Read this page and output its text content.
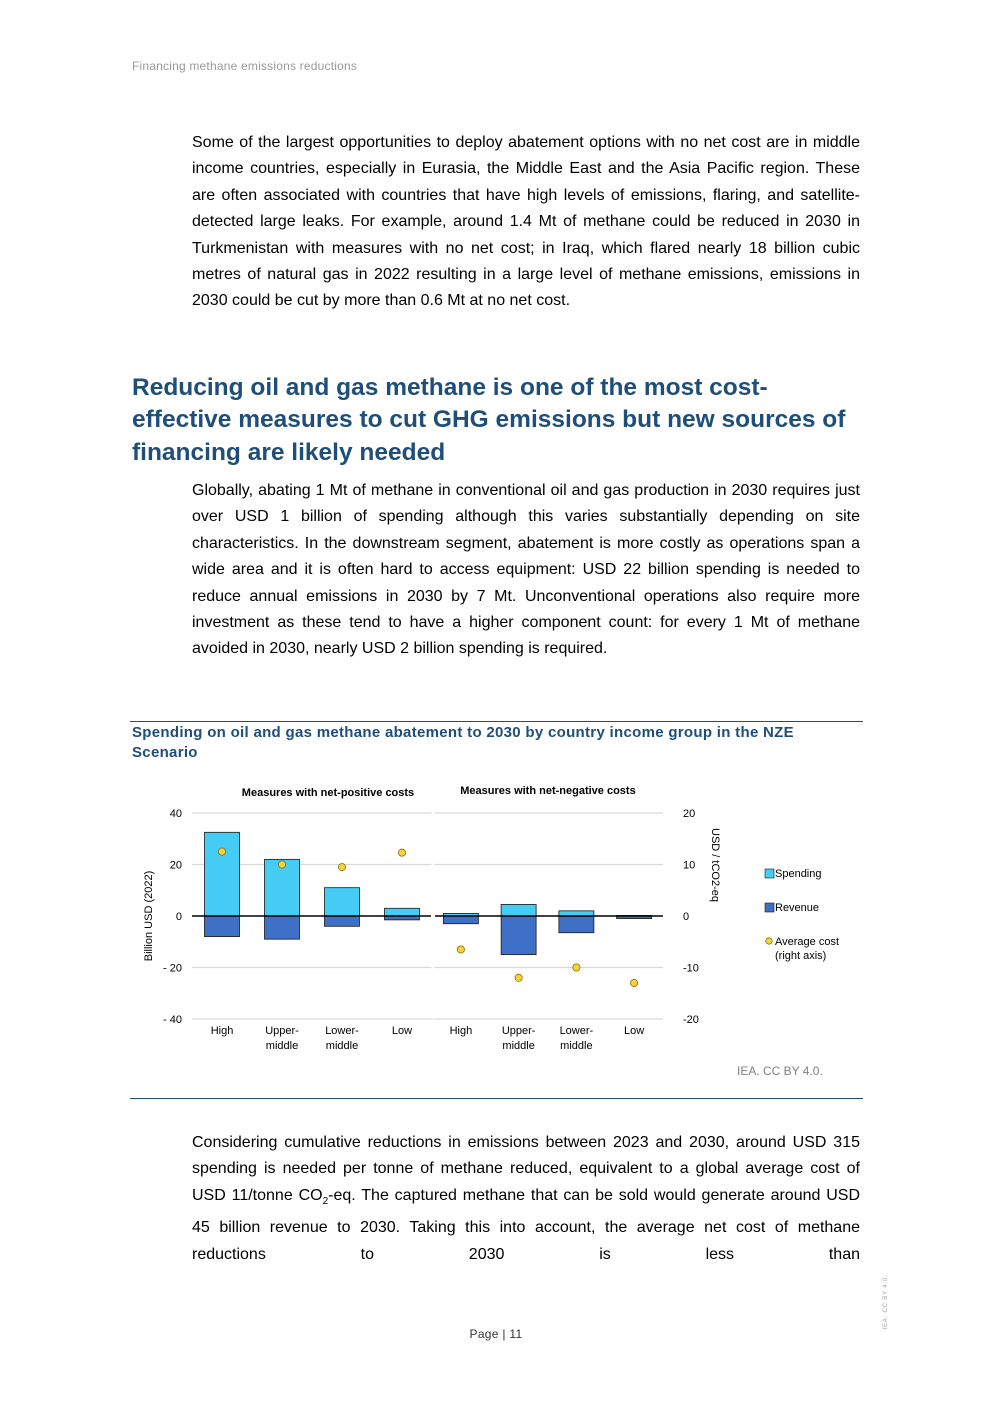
Financing methane emissions reductions

Some of the largest opportunities to deploy abatement options with no net cost are in middle income countries, especially in Eurasia, the Middle East and the Asia Pacific region. These are often associated with countries that have high levels of emissions, flaring, and satellite-detected large leaks. For example, around 1.4 Mt of methane could be reduced in 2030 in Turkmenistan with measures with no net cost; in Iraq, which flared nearly 18 billion cubic metres of natural gas in 2022 resulting in a large level of methane emissions, emissions in 2030 could be cut by more than 0.6 Mt at no net cost.

Reducing oil and gas methane is one of the most cost-effective measures to cut GHG emissions but new sources of financing are likely needed

Globally, abating 1 Mt of methane in conventional oil and gas production in 2030 requires just over USD 1 billion of spending although this varies substantially depending on site characteristics. In the downstream segment, abatement is more costly as operations span a wide area and it is often hard to access equipment: USD 22 billion spending is needed to reduce annual emissions in 2030 by 7 Mt. Unconventional operations also require more investment as these tend to have a higher component count: for every 1 Mt of methane avoided in 2030, nearly USD 2 billion spending is required.

Spending on oil and gas methane abatement to 2030 by country income group in the NZE Scenario
40
20
0
- 20
- 40
20
10
0
-10
-20
Billion USD (2022)
USD / tCO2-eq
Measures with net-positive costs
High	Upper-
middle
Lower-
middle
Low
Measures with net-negative costs
High	Upper-
middle
Lower-
middle
Low
Spending
Revenue
Average cost
(right axis)
IEA. CC BY 4.0.

Considering cumulative reductions in emissions between 2023 and 2030, around USD 315 spending is needed per tonne of methane reduced, equivalent to a global average cost of USD 11/tonne $CO_2-eq$. The captured methane that can be sold would generate around USD 45 billion revenue to 2030. Taking this into account, the average net cost of methane reductions to 2030 is less than

Page | 11
IEA. CC BY 4.0.
